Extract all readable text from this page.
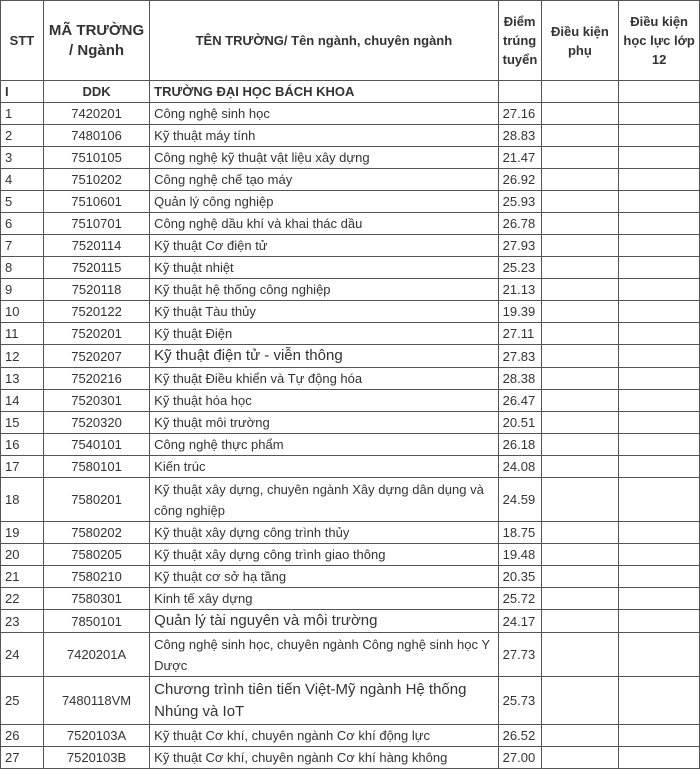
STT	MÃ TRƯỜNG / Ngành	TÊN TRƯỜNG/ Tên ngành, chuyên ngành	Điểm trúng tuyển	Điều kiện phụ	Điều kiện học lực lớp 12
I	DDK	TRƯỜNG ĐẠI HỌC BÁCH KHOA			
1	7420201	Công nghệ sinh học	27.16		
2	7480106	Kỹ thuật máy tính	28.83		
3	7510105	Công nghệ kỹ thuật vật liệu xây dựng	21.47		
4	7510202	Công nghệ chế tạo máy	26.92		
5	7510601	Quản lý công nghiệp	25.93		
6	7510701	Công nghệ dầu khí và khai thác dầu	26.78		
7	7520114	Kỹ thuật Cơ điện tử	27.93		
8	7520115	Kỹ thuật nhiệt	25.23		
9	7520118	Kỹ thuật hệ thống công nghiệp	21.13		
10	7520122	Kỹ thuật Tàu thủy	19.39		
11	7520201	Kỹ thuật Điện	27.11		
12	7520207	Kỹ thuật điện tử - viễn thông	27.83		
13	7520216	Kỹ thuật Điều khiển và Tự động hóa	28.38		
14	7520301	Kỹ thuật hóa học	26.47		
15	7520320	Kỹ thuật môi trường	20.51		
16	7540101	Công nghệ thực phẩm	26.18		
17	7580101	Kiến trúc	24.08		
18	7580201	Kỹ thuật xây dựng, chuyên ngành Xây dựng dân dụng và công nghiệp	24.59		
19	7580202	Kỹ thuật xây dựng công trình thủy	18.75		
20	7580205	Kỹ thuật xây dựng công trình giao thông	19.48		
21	7580210	Kỹ thuật cơ sở hạ tầng	20.35		
22	7580301	Kinh tế xây dựng	25.72		
23	7850101	Quản lý tài nguyên và môi trường	24.17		
24	7420201A	Công nghệ sinh học, chuyên ngành Công nghệ sinh học Y Dược	27.73		
25	7480118VM	Chương trình tiên tiến Việt-Mỹ ngành Hệ thống Nhúng và IoT	25.73		
26	7520103A	Kỹ thuật Cơ khí, chuyên ngành Cơ khí động lực	26.52		
27	7520103B	Kỹ thuật Cơ khí, chuyên ngành Cơ khí hàng không	27.00		
